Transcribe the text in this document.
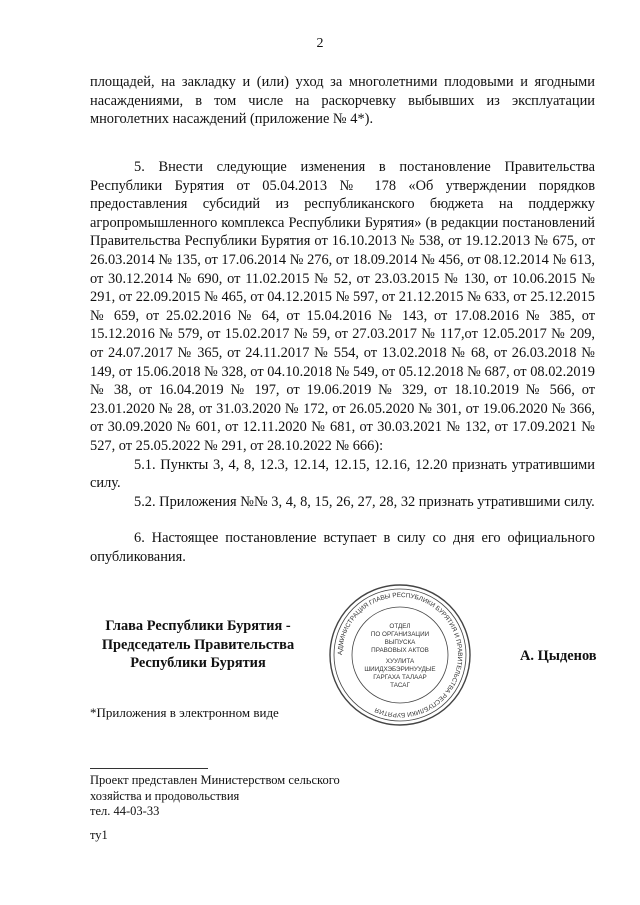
2

площадей, на закладку и (или) уход за многолетними плодовыми и ягодными насаждениями, в том числе на раскорчевку выбывших из эксплуатации многолетних насаждений (приложение № 4*).

5. Внести следующие изменения в постановление Правительства Республики Бурятия от 05.04.2013 № 178 «Об утверждении порядков предоставления субсидий из республиканского бюджета на поддержку агропромышленного комплекса Республики Бурятия» (в редакции постановлений Правительства Республики Бурятия от 16.10.2013 № 538, от 19.12.2013 № 675, от 26.03.2014 № 135, от 17.06.2014 № 276, от 18.09.2014 № 456, от 08.12.2014 № 613, от 30.12.2014 № 690, от 11.02.2015 № 52, от 23.03.2015 № 130, от 10.06.2015 № 291, от 22.09.2015 № 465, от 04.12.2015 № 597, от 21.12.2015 № 633, от 25.12.2015 № 659, от 25.02.2016 № 64, от 15.04.2016 № 143, от 17.08.2016 № 385, от 15.12.2016 № 579, от 15.02.2017 № 59, от 27.03.2017 № 117,от 12.05.2017 № 209, от 24.07.2017 № 365, от 24.11.2017 № 554, от 13.02.2018 № 68, от 26.03.2018 № 149, от 15.06.2018 № 328, от 04.10.2018 № 549, от 05.12.2018 № 687, от 08.02.2019 № 38, от 16.04.2019 № 197, от 19.06.2019 № 329, от 18.10.2019 № 566, от 23.01.2020 № 28, от 31.03.2020 № 172, от 26.05.2020 № 301, от 19.06.2020 № 366, от 30.09.2020 № 601, от 12.11.2020 № 681, от 30.03.2021 № 132, от 17.09.2021 № 527, от 25.05.2022 № 291, от 28.10.2022 № 666):

5.1. Пункты 3, 4, 8, 12.3, 12.14, 12.15, 12.16, 12.20 признать утратившими силу.

5.2. Приложения №№ 3, 4, 8, 15, 26, 27, 28, 32 признать утратившими силу.

6. Настоящее постановление вступает в силу со дня его официального опубликования.

Глава Республики Бурятия -
Председатель Правительства
Республики Бурятия
АДМИНИСТРАЦИЯ ГЛАВЫ РЕСПУБЛИКИ БУРЯТИЯ И ПРАВИТЕЛЬСТВА РЕСПУБЛИКИ БУРЯТИЯ
ОТДЕЛ
ПО ОРГАНИЗАЦИИ
ВЫПУСКА
ПРАВОВЫХ АКТОВ
ХУУЛИТА
ШИИДХЭБЭРИНУУДЫЕ
ГАРГАХА ТАЛААР
ТАСАГ
А. Цыденов
*Приложения в электронном виде
Проект представлен Министерством сельского
хозяйства и продовольствия
тел. 44-03-33
ту1
